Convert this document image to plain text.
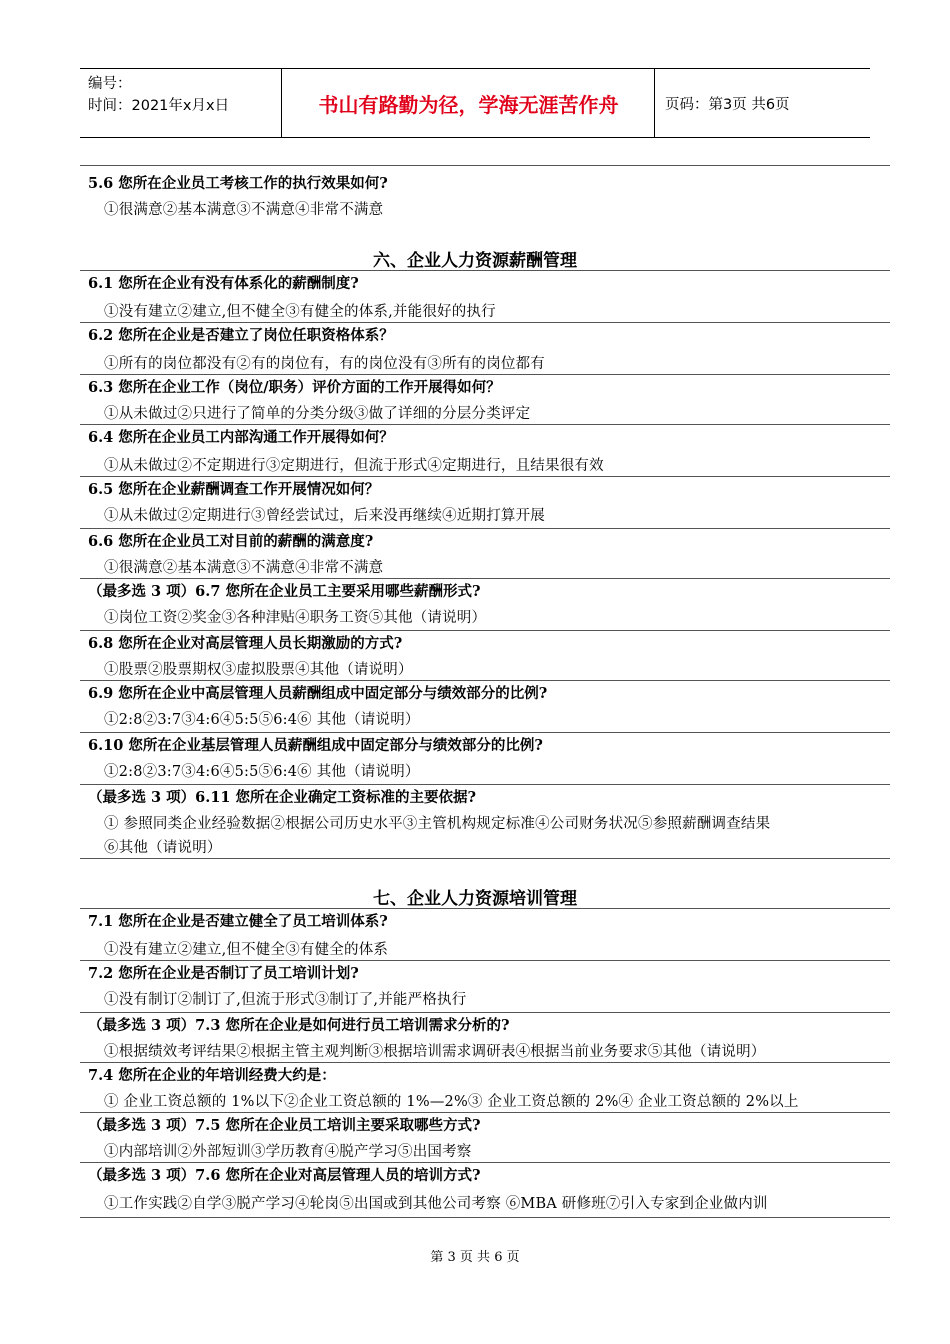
编号：
时间：2021年x月x日	书山有路勤为径，学海无涯苦作舟	页码：第3页 共6页
5.6 您所在企业员工考核工作的执行效果如何?
①很满意②基本满意③不满意④非常不满意
六、企业人力资源薪酬管理
6.1 您所在企业有没有体系化的薪酬制度?
①没有建立②建立,但不健全③有健全的体系,并能很好的执行
6.2 您所在企业是否建立了岗位任职资格体系？
①所有的岗位都没有②有的岗位有，有的岗位没有③所有的岗位都有
6.3 您所在企业工作（岗位/职务）评价方面的工作开展得如何？
①从未做过②只进行了简单的分类分级③做了详细的分层分类评定
6.4 您所在企业员工内部沟通工作开展得如何？
①从未做过②不定期进行③定期进行，但流于形式④定期进行，且结果很有效
6.5 您所在企业薪酬调查工作开展情况如何？
①从未做过②定期进行③曾经尝试过，后来没再继续④近期打算开展
6.6 您所在企业员工对目前的薪酬的满意度?
①很满意②基本满意③不满意④非常不满意
（最多选 3 项）6.7 您所在企业员工主要采用哪些薪酬形式?
①岗位工资②奖金③各种津贴④职务工资⑤其他（请说明）
6.8 您所在企业对高层管理人员长期激励的方式?
①股票②股票期权③虚拟股票④其他（请说明）
6.9 您所在企业中高层管理人员薪酬组成中固定部分与绩效部分的比例?
①2:8②3:7③4:6④5:5⑤6:4⑥ 其他（请说明）
6.10 您所在企业基层管理人员薪酬组成中固定部分与绩效部分的比例?
①2:8②3:7③4:6④5:5⑤6:4⑥ 其他（请说明）
（最多选 3 项）6.11 您所在企业确定工资标准的主要依据?
① 参照同类企业经验数据②根据公司历史水平③主管机构规定标准④公司财务状况⑤参照薪酬调查结果
⑥其他（请说明）
七、企业人力资源培训管理
7.1 您所在企业是否建立健全了员工培训体系?
①没有建立②建立,但不健全③有健全的体系
7.2 您所在企业是否制订了员工培训计划?
①没有制订②制订了,但流于形式③制订了,并能严格执行
（最多选 3 项）7.3 您所在企业是如何进行员工培训需求分析的?
①根据绩效考评结果②根据主管主观判断③根据培训需求调研表④根据当前业务要求⑤其他（请说明）
7.4 您所在企业的年培训经费大约是：
① 企业工资总额的 1%以下②企业工资总额的 1%—2%③ 企业工资总额的 2%④ 企业工资总额的 2%以上
（最多选 3 项）7.5 您所在企业员工培训主要采取哪些方式?
①内部培训②外部短训③学历教育④脱产学习⑤出国考察
（最多选 3 项）7.6 您所在企业对高层管理人员的培训方式?
①工作实践②自学③脱产学习④轮岗⑤出国或到其他公司考察 ⑥MBA 研修班⑦引入专家到企业做内训
第 3 页 共 6 页
